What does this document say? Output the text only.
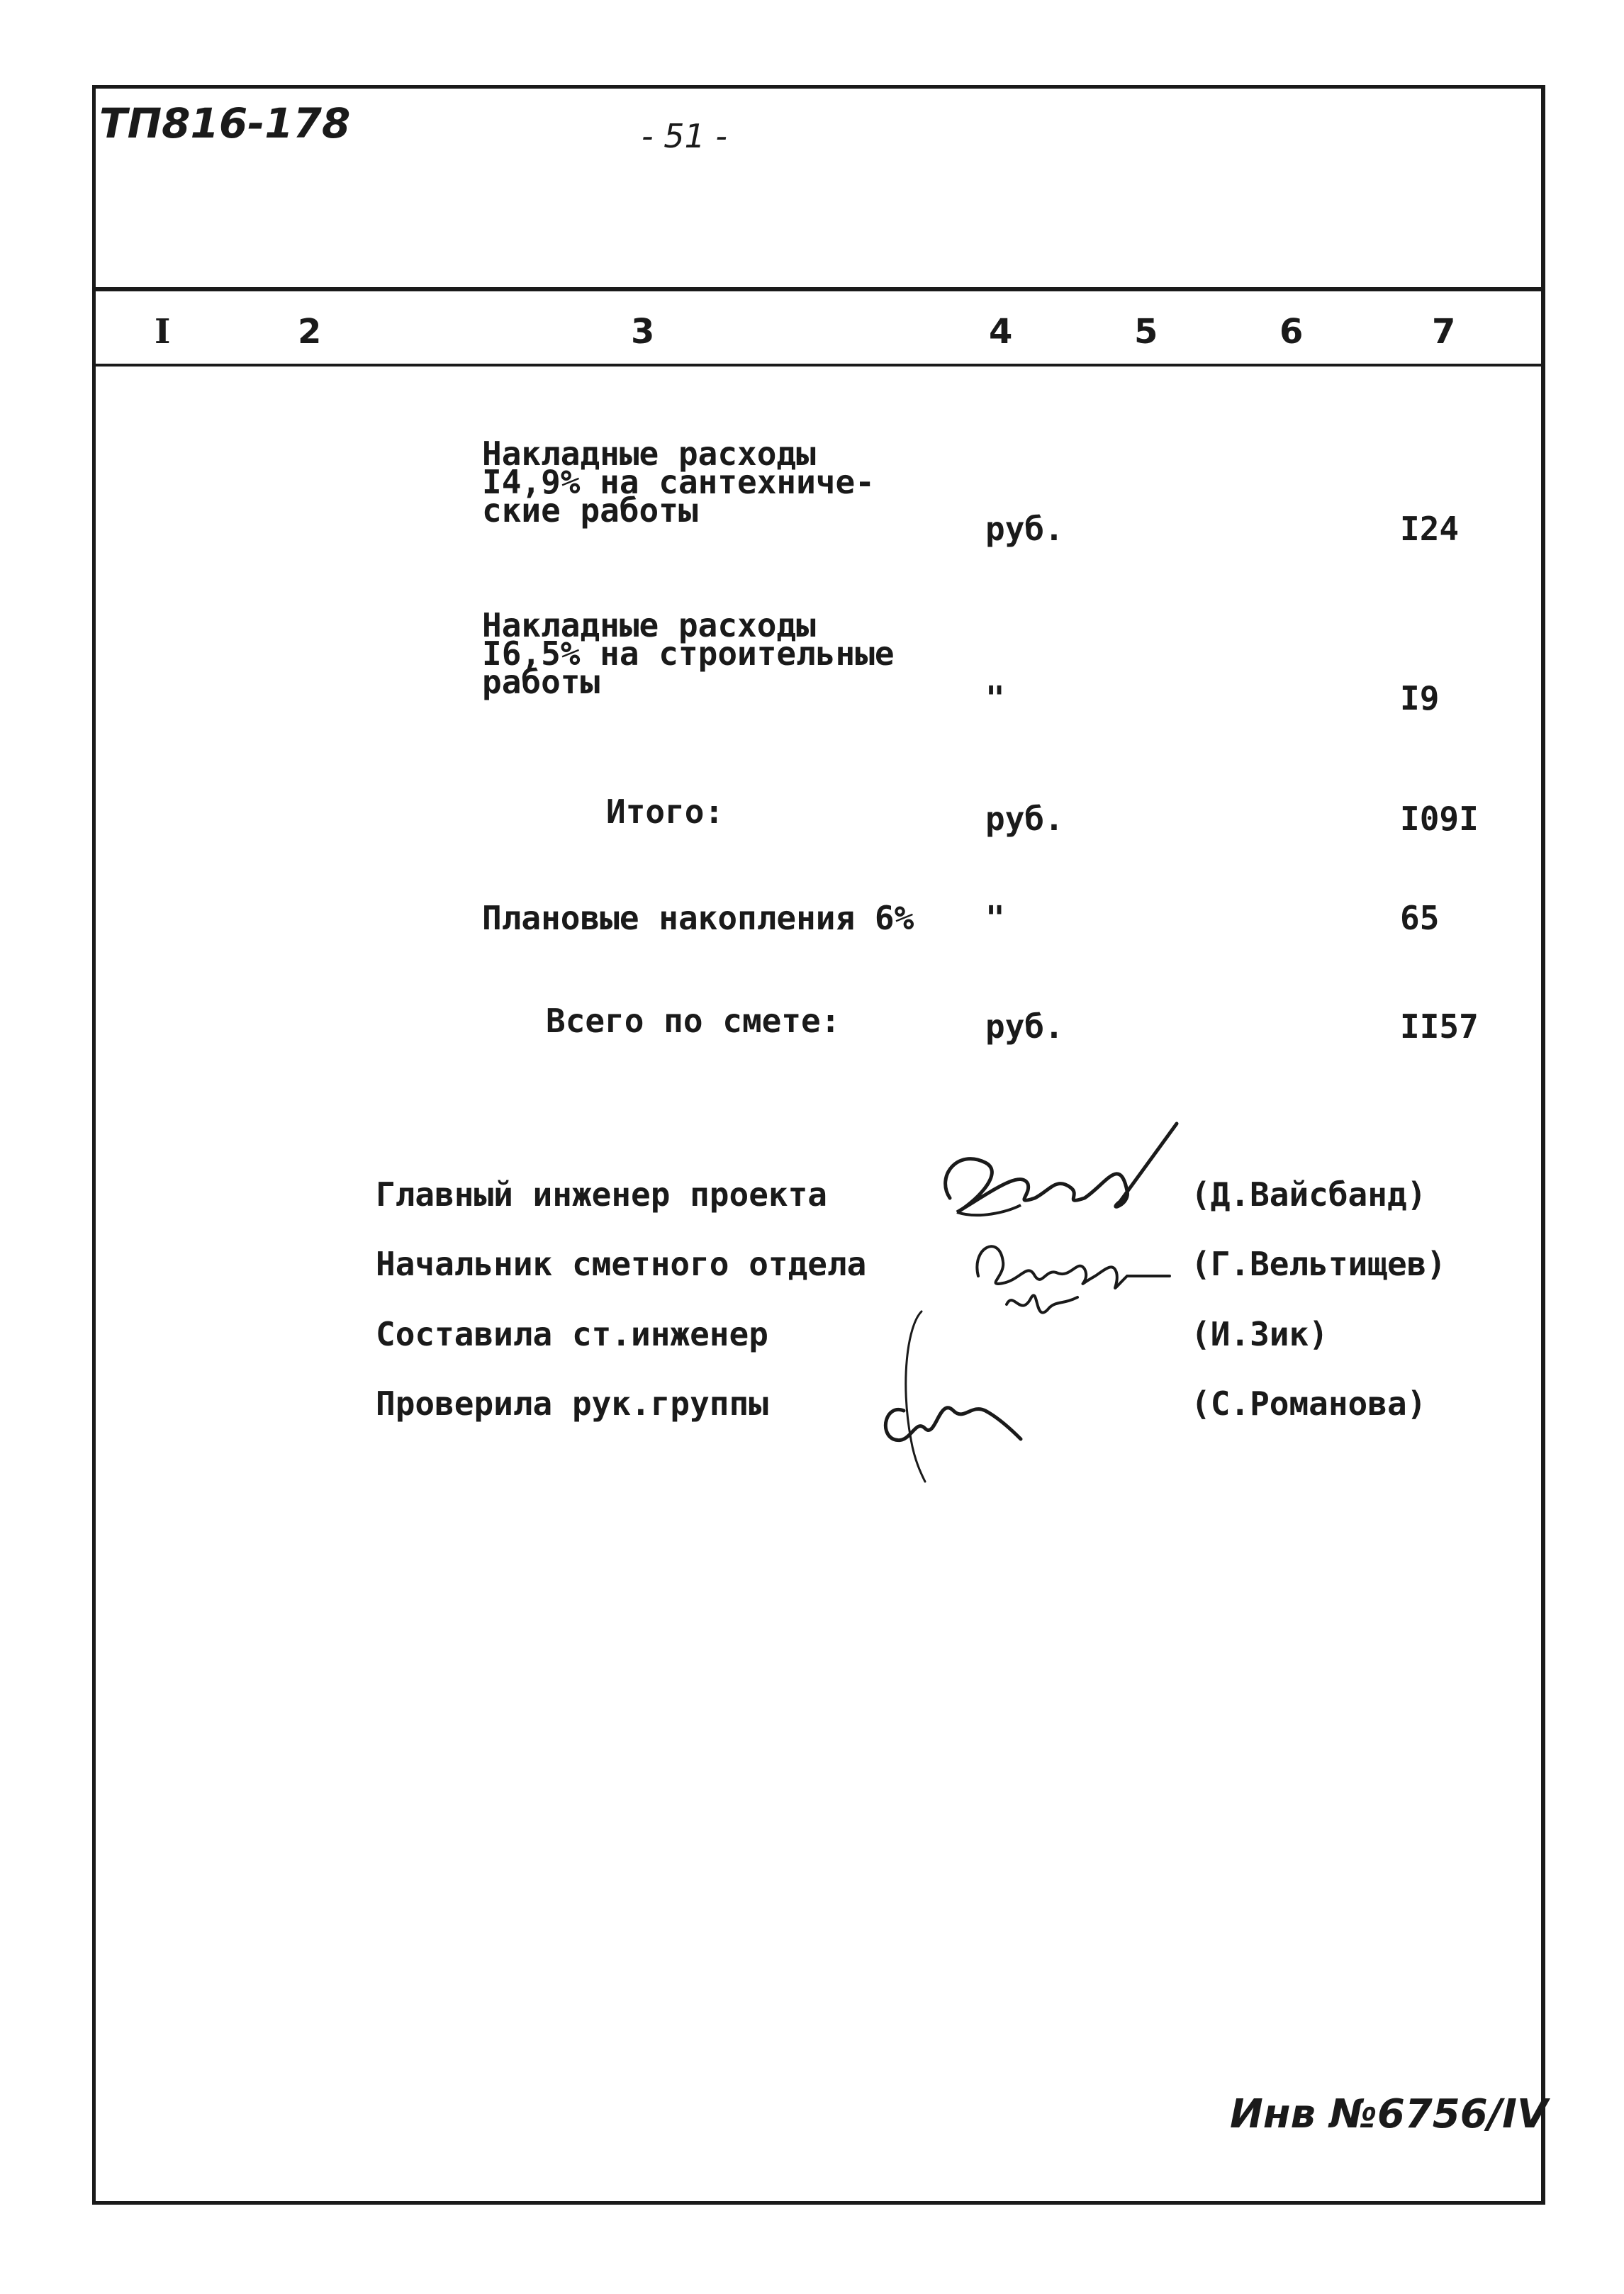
ТП816-178	- 51 -
I	2	3	4	5	6	7
Накладные расходы
I4,9% на сантехниче-
ские работы	руб.	I24
Накладные расходы
I6,5% на строительные
работы	"	I9
Итого:	руб.	I09I
Плановые накопления 6% "	65
Всего по смете:	руб.	II57
Главный инженер проекта	(Д.Вайсбанд)
Начальник сметного отдела	(Г.Вельтищев)
Составила ст.инженер	(И.Зик)
Проверила рук.группы	(С.Романова)
Инв №6756/IV
